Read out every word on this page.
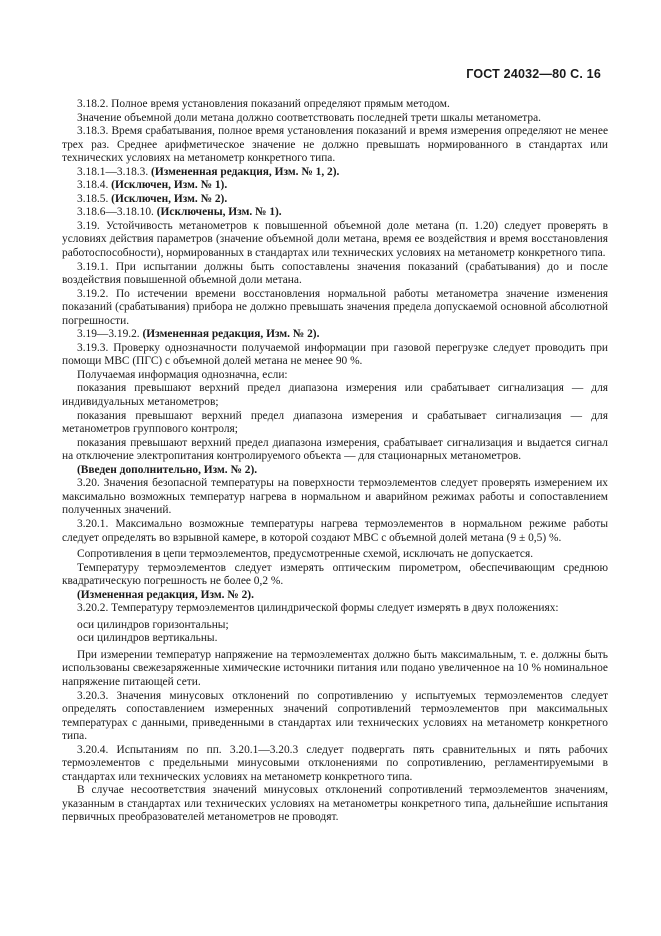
ГОСТ 24032—80 С. 16

3.18.2. Полное время установления показаний определяют прямым методом.

Значение объемной доли метана должно соответствовать последней трети шкалы метанометра.

3.18.3. Время срабатывания, полное время установления показаний и время измерения определяют не менее трех раз. Среднее арифметическое значение не должно превышать нормированного в стандартах или технических условиях на метанометр конкретного типа.

3.18.1—3.18.3. (Измененная редакция, Изм. № 1, 2).

3.18.4. (Исключен, Изм. № 1).

3.18.5. (Исключен, Изм. № 2).

3.18.6—3.18.10. (Исключены, Изм. № 1).

3.19. Устойчивость метанометров к повышенной объемной доле метана (п. 1.20) следует проверять в условиях действия параметров (значение объемной доли метана, время ее воздействия и время восстановления работоспособности), нормированных в стандартах или технических условиях на метанометр конкретного типа.

3.19.1. При испытании должны быть сопоставлены значения показаний (срабатывания) до и после воздействия повышенной объемной доли метана.

3.19.2. По истечении времени восстановления нормальной работы метанометра значение изменения показаний (срабатывания) прибора не должно превышать значения предела допускаемой основной абсолютной погрешности.

3.19—3.19.2. (Измененная редакция, Изм. № 2).

3.19.3. Проверку однозначности получаемой информации при газовой перегрузке следует проводить при помощи МВС (ПГС) с объемной долей метана не менее 90 %.

Получаемая информация однозначна, если:

показания превышают верхний предел диапазона измерения или срабатывает сигнализация — для индивидуальных метанометров;

показания превышают верхний предел диапазона измерения и срабатывает сигнализация — для метанометров группового контроля;

показания превышают верхний предел диапазона измерения, срабатывает сигнализация и выдается сигнал на отключение электропитания контролируемого объекта — для стационарных метанометров.

(Введен дополнительно, Изм. № 2).

3.20. Значения безопасной температуры на поверхности термоэлементов следует проверять измерением их максимально возможных температур нагрева в нормальном и аварийном режимах работы и сопоставлением полученных значений.

3.20.1. Максимально возможные температуры нагрева термоэлементов в нормальном режиме работы следует определять во взрывной камере, в которой создают МВС с объемной долей метана (9 ± 0,5) %.

Сопротивления в цепи термоэлементов, предусмотренные схемой, исключать не допускается.

Температуру термоэлементов следует измерять оптическим пирометром, обеспечивающим среднюю квадратическую погрешность не более 0,2 %.

(Измененная редакция, Изм. № 2).

3.20.2. Температуру термоэлементов цилиндрической формы следует измерять в двух положениях:

оси цилиндров горизонтальны;

оси цилиндров вертикальны.

При измерении температур напряжение на термоэлементах должно быть максимальным, т. е. должны быть использованы свежезаряженные химические источники питания или подано увеличенное на 10 % номинальное напряжение питающей сети.

3.20.3. Значения минусовых отклонений по сопротивлению у испытуемых термоэлементов следует определять сопоставлением измеренных значений сопротивлений термоэлементов при максимальных температурах с данными, приведенными в стандартах или технических условиях на метанометр конкретного типа.

3.20.4. Испытаниям по пп. 3.20.1—3.20.3 следует подвергать пять сравнительных и пять рабочих термоэлементов с предельными минусовыми отклонениями по сопротивлению, регламентируемыми в стандартах или технических условиях на метанометр конкретного типа.

В случае несоответствия значений минусовых отклонений сопротивлений термоэлементов значениям, указанным в стандартах или технических условиях на метанометры конкретного типа, дальнейшие испытания первичных преобразователей метанометров не проводят.
